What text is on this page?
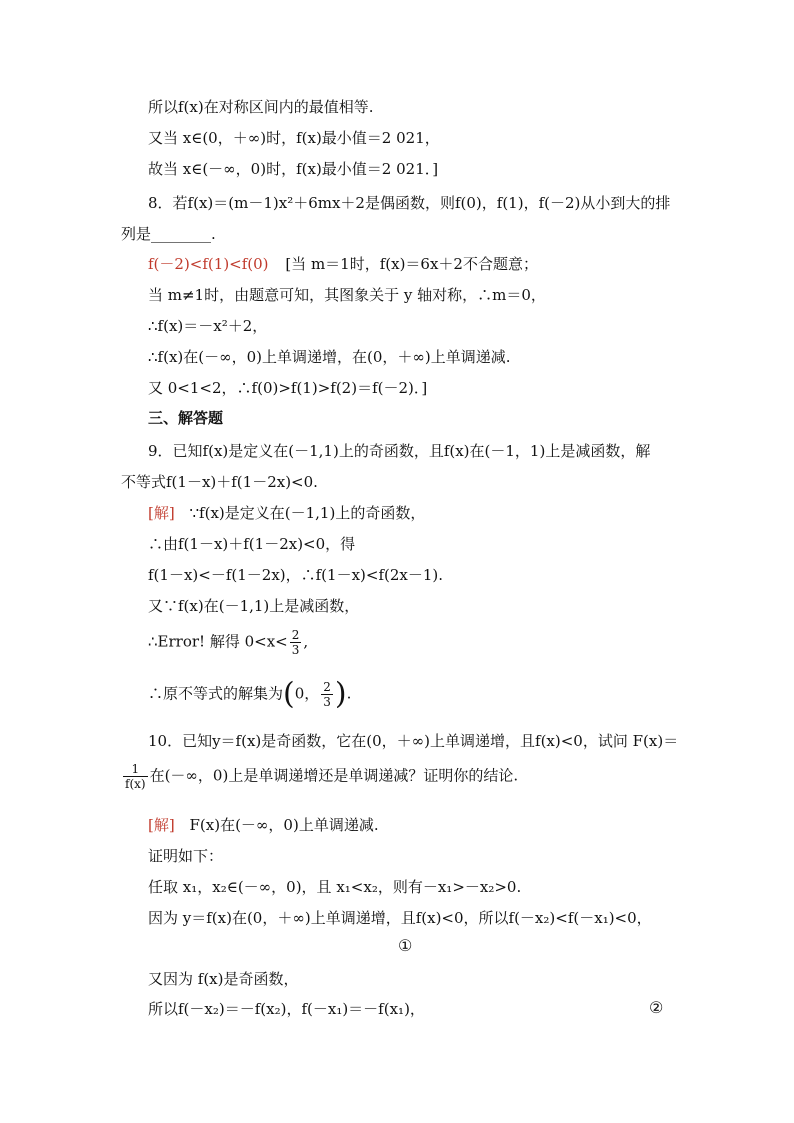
所以f(x)在对称区间内的最值相等.
又当 x∈(0，＋∞)时，f(x)最小值＝2 021，
故当 x∈(－∞，0)时，f(x)最小值＝2 021．]
8．若f(x)＝(m－1)x²＋6mx＋2是偶函数，则f(0)，f(1)，f(－2)从小到大的排
列是________.
f(－2)<f(1)<f(0) [当 m＝1时，f(x)＝6x＋2不合题意；
当 m≠1时，由题意可知，其图象关于 y 轴对称，∴m＝0，
∴f(x)＝－x²＋2，
∴f(x)在(－∞，0)上单调递增，在(0，＋∞)上单调递减.
又 0<1<2，∴f(0)>f(1)>f(2)＝f(－2)．]
三、解答题
9．已知f(x)是定义在(－1,1)上的奇函数，且f(x)在(－1，1)上是减函数，解
不等式f(1－x)＋f(1－2x)<0.
[解] ∵f(x)是定义在(－1,1)上的奇函数，
∴由f(1－x)＋f(1－2x)<0，得
f(1－x)<－f(1－2x)，∴f(1－x)<f(2x－1).
又∵f(x)在(－1,1)上是减函数，
∴Error! 解得 $0<x< \frac{2}{3}$ ,
∴原不等式的解集为(0， $\frac{2}{3}$ ).
10．已知y＝f(x)是奇函数，它在(0，＋∞)上单调递增，且f(x)<0，试问 F(x)＝
$\frac{1}{f(x)}$ 在(－∞，0)上是单调递增还是单调递减？证明你的结论.
[解] F(x)在(－∞，0)上单调递减.
证明如下：
任取 x₁，x₂∈(－∞，0)，且 x₁<x₂，则有－x₁>－x₂>0.
因为 y＝f(x)在(0，＋∞)上单调递增，且f(x)<0，所以f(－x₂)<f(－x₁)<0，
①
又因为 f(x)是奇函数，
所以f(－x₂)＝－f(x₂)，f(－x₁)＝－f(x₁)，	②
